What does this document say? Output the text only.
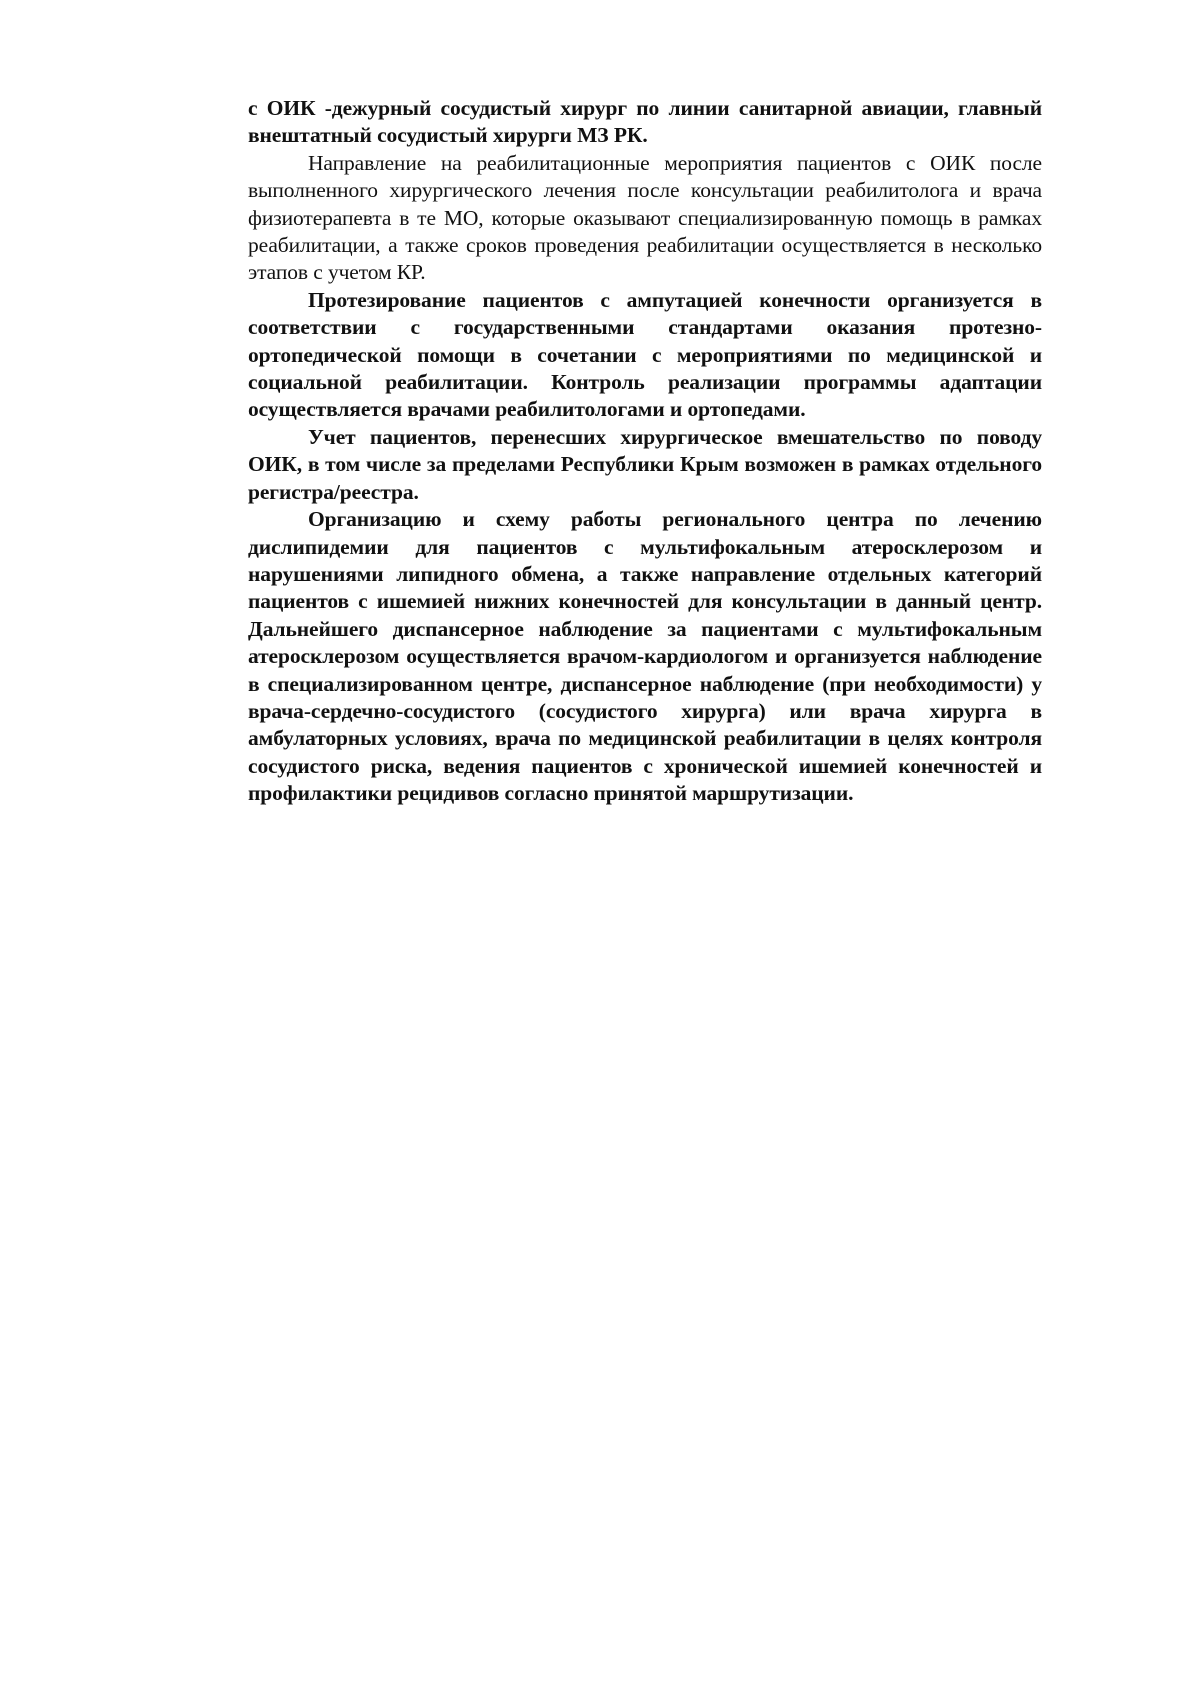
с ОИК -дежурный сосудистый хирург по линии санитарной авиации, главный внештатный сосудистый хирурги МЗ РК.

Направление на реабилитационные мероприятия пациентов с ОИК после выполненного хирургического лечения после консультации реабилитолога и врача физиотерапевта в те МО, которые оказывают специализированную помощь в рамках реабилитации, а также сроков проведения реабилитации осуществляется в несколько этапов с учетом КР.

Протезирование пациентов с ампутацией конечности организуется в соответствии с государственными стандартами оказания протезно-ортопедической помощи в сочетании с мероприятиями по медицинской и социальной реабилитации. Контроль реализации программы адаптации осуществляется врачами реабилитологами и ортопедами.

Учет пациентов, перенесших хирургическое вмешательство по поводу ОИК, в том числе за пределами Республики Крым возможен в рамках отдельного регистра/реестра.

Организацию и схему работы регионального центра по лечению дислипидемии для пациентов с мультифокальным атеросклерозом и нарушениями липидного обмена, а также направление отдельных категорий пациентов с ишемией нижних конечностей для консультации в данный центр. Дальнейшего диспансерное наблюдение за пациентами с мультифокальным атеросклерозом осуществляется врачом-кардиологом и организуется наблюдение в специализированном центре, диспансерное наблюдение (при необходимости) у врача-сердечно-сосудистого (сосудистого хирурга) или врача хирурга в амбулаторных условиях, врача по медицинской реабилитации в целях контроля сосудистого риска, ведения пациентов с хронической ишемией конечностей и профилактики рецидивов согласно принятой маршрутизации.
